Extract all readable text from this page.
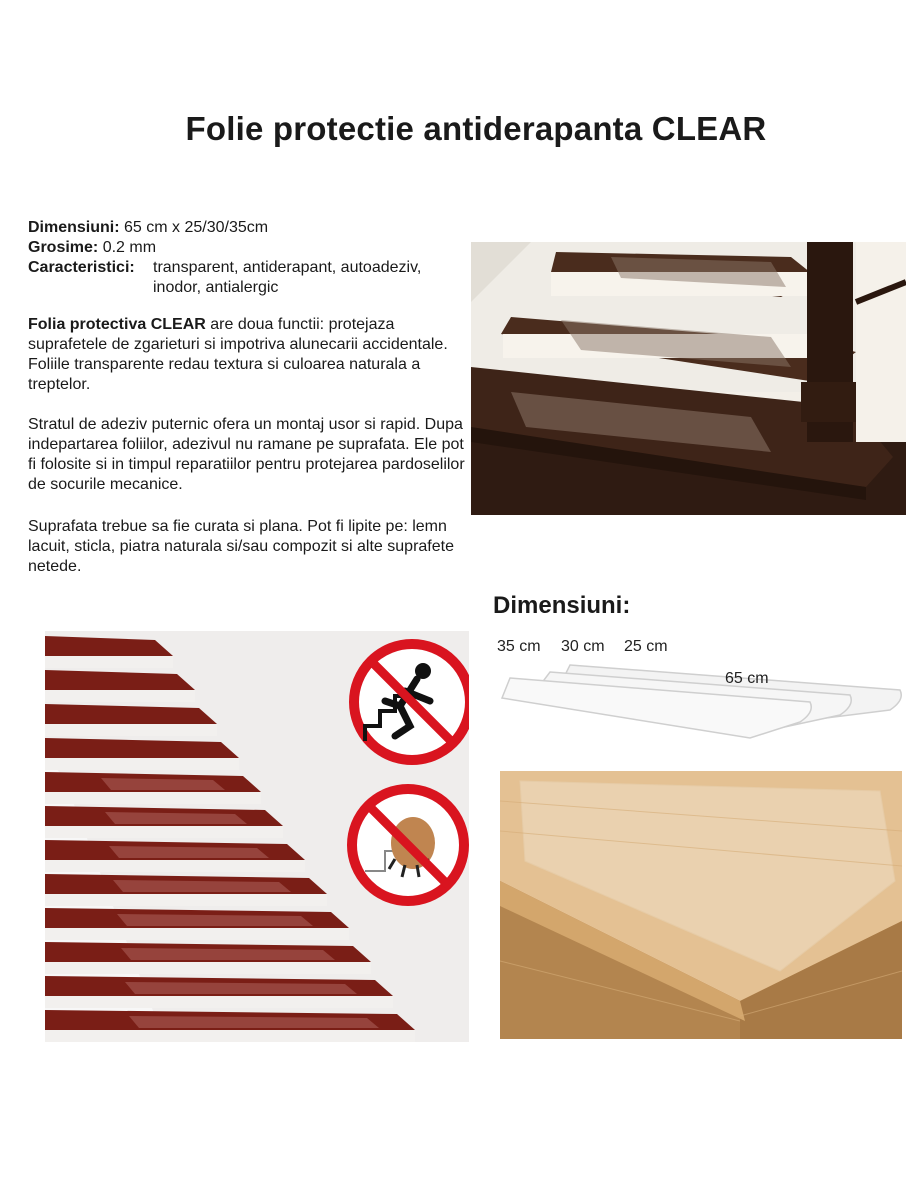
Folie protectie antiderapanta CLEAR
Dimensiuni: 65 cm x 25/30/35cm
Grosime: 0.2 mm
Caracteristici: transparent, antiderapant, autoadeziv, inodor, antialergic
Folia protectiva CLEAR are doua functii: protejaza suprafetele de zgarieturi si impotriva alunecarii accidentale. Foliile transparente redau textura si culoarea naturala a treptelor.
Stratul de adeziv puternic ofera un montaj usor si rapid. Dupa indepartarea foliilor, adezivul nu ramane pe suprafata. Ele pot fi folosite si in timpul reparatiilor pentru protejarea pardoselilor de socurile mecanice.
Suprafata trebue sa fie curata si plana. Pot fi lipite pe: lemn lacuit, sticla, piatra naturala si/sau compozit si alte suprafete netede.
Dimensiuni:
35 cm 30 cm 25 cm
65 cm
